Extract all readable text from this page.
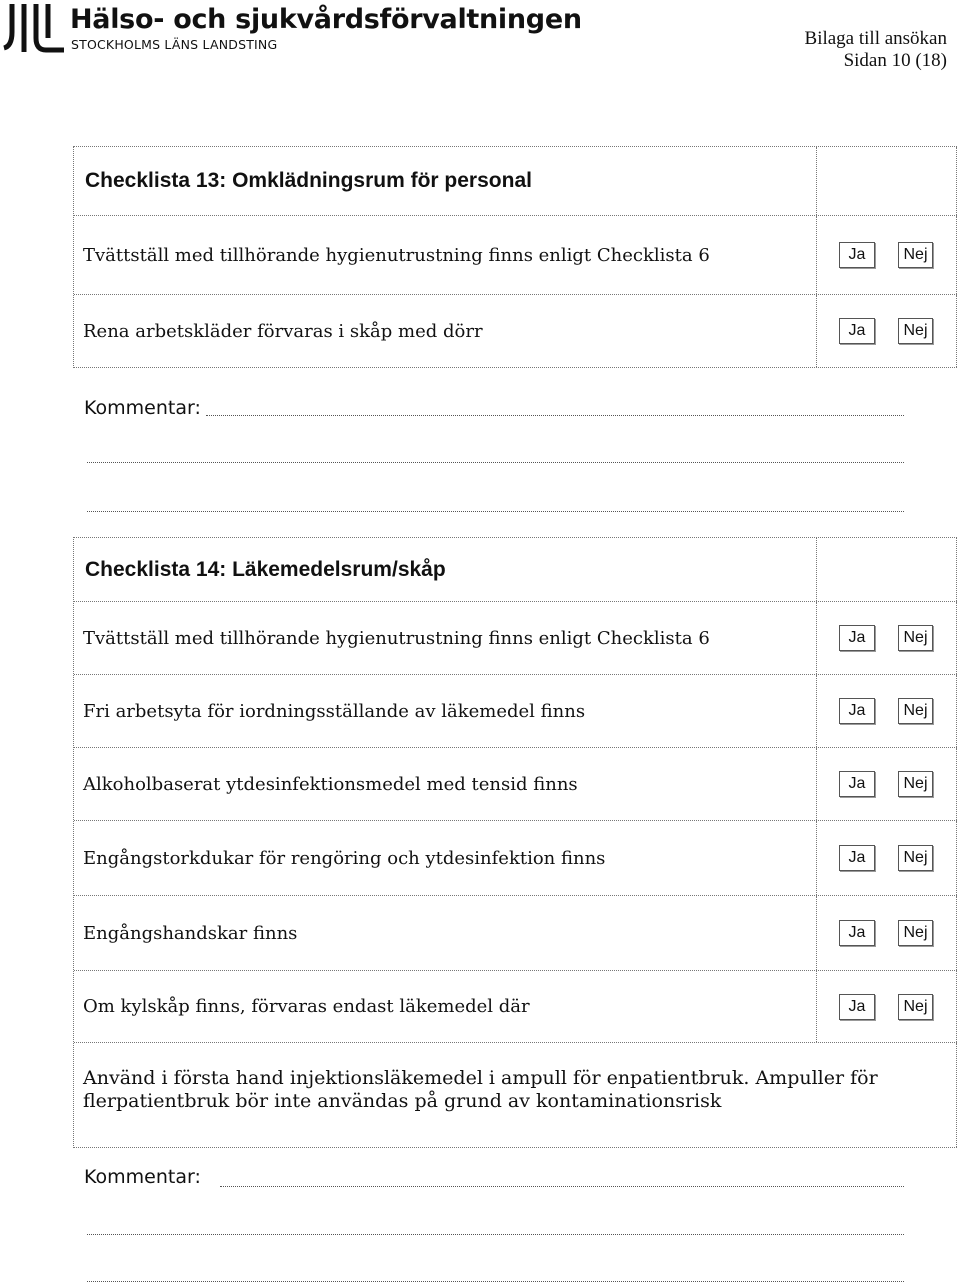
Hälso- och sjukvårdsförvaltningen
STOCKHOLMS LÄNS LANDSTING	Bilaga till ansökan
Sidan 10 (18)
Checklista 13: Omklädningsrum för personal
Tvättställ med tillhörande hygienutrustning finns enligt Checklista 6	Ja	Nej
Rena arbetskläder förvaras i skåp med dörr	Ja	Nej
Kommentar:
Checklista 14: Läkemedelsrum/skåp
Tvättställ med tillhörande hygienutrustning finns enligt Checklista 6	Ja	Nej
Fri arbetsyta för iordningsställande av läkemedel finns	Ja	Nej
Alkoholbaserat ytdesinfektionsmedel med tensid finns	Ja	Nej
Engångstorkdukar för rengöring och ytdesinfektion finns	Ja	Nej
Engångshandskar finns	Ja	Nej
Om kylskåp finns, förvaras endast läkemedel där	Ja	Nej
Använd i första hand injektionsläkemedel i ampull för enpatientbruk. Ampuller för flerpatientbruk bör inte användas på grund av kontaminationsrisk
Kommentar:
